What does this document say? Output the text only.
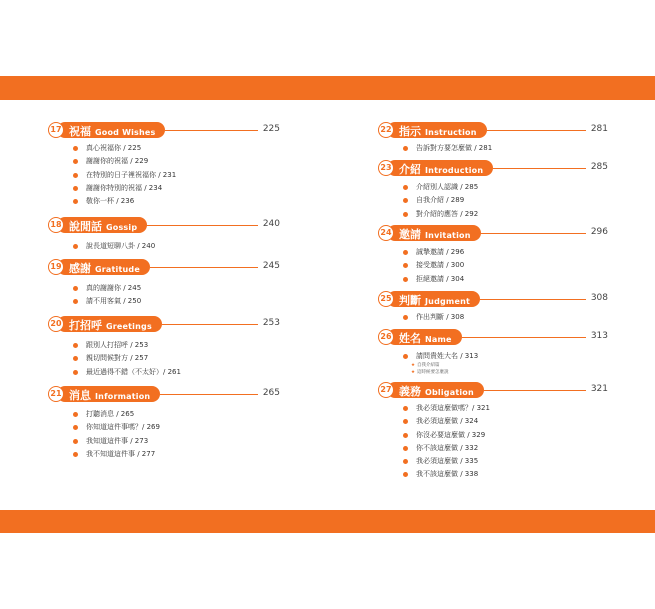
17 祝福 Good Wishes	225
真心祝福你 / 225
謝謝你的祝福 / 229
在特別的日子裡祝福你 / 231
謝謝你特別的祝福 / 234
敬你一杯 / 236
18 說閒話 Gossip	240
說長道短聊八卦 / 240
19 感謝 Gratitude	245
真的謝謝你 / 245
請不用客氣 / 250
20 打招呼 Greetings	253
跟別人打招呼 / 253
親切問候對方 / 257
最近過得不錯（不太好）/ 261
21 消息 Information	265
打聽消息 / 265
你知道這件事嗎？/ 269
我知道這件事 / 273
我不知道這件事 / 277
22 指示 Instruction	281
告訴對方要怎麼做 / 281
23 介紹 Introduction	285
介紹別人認識 / 285
自我介紹 / 289
對介紹的應答 / 292
24 邀請 Invitation	296
誠摯邀請 / 296
接受邀請 / 300
拒絕邀請 / 304
25 判斷 Judgment	308
作出判斷 / 308
26 姓名 Name	313
請問貴姓大名 / 313
★ 自我介紹篇
★ 這時候要怎麼說
27 義務 Obligation	321
我必須這麼做嗎？/ 321
我必須這麼做 / 324
你沒必要這麼做 / 329
你不該這麼做 / 332
我必須這麼做 / 335
我不該這麼做 / 338
